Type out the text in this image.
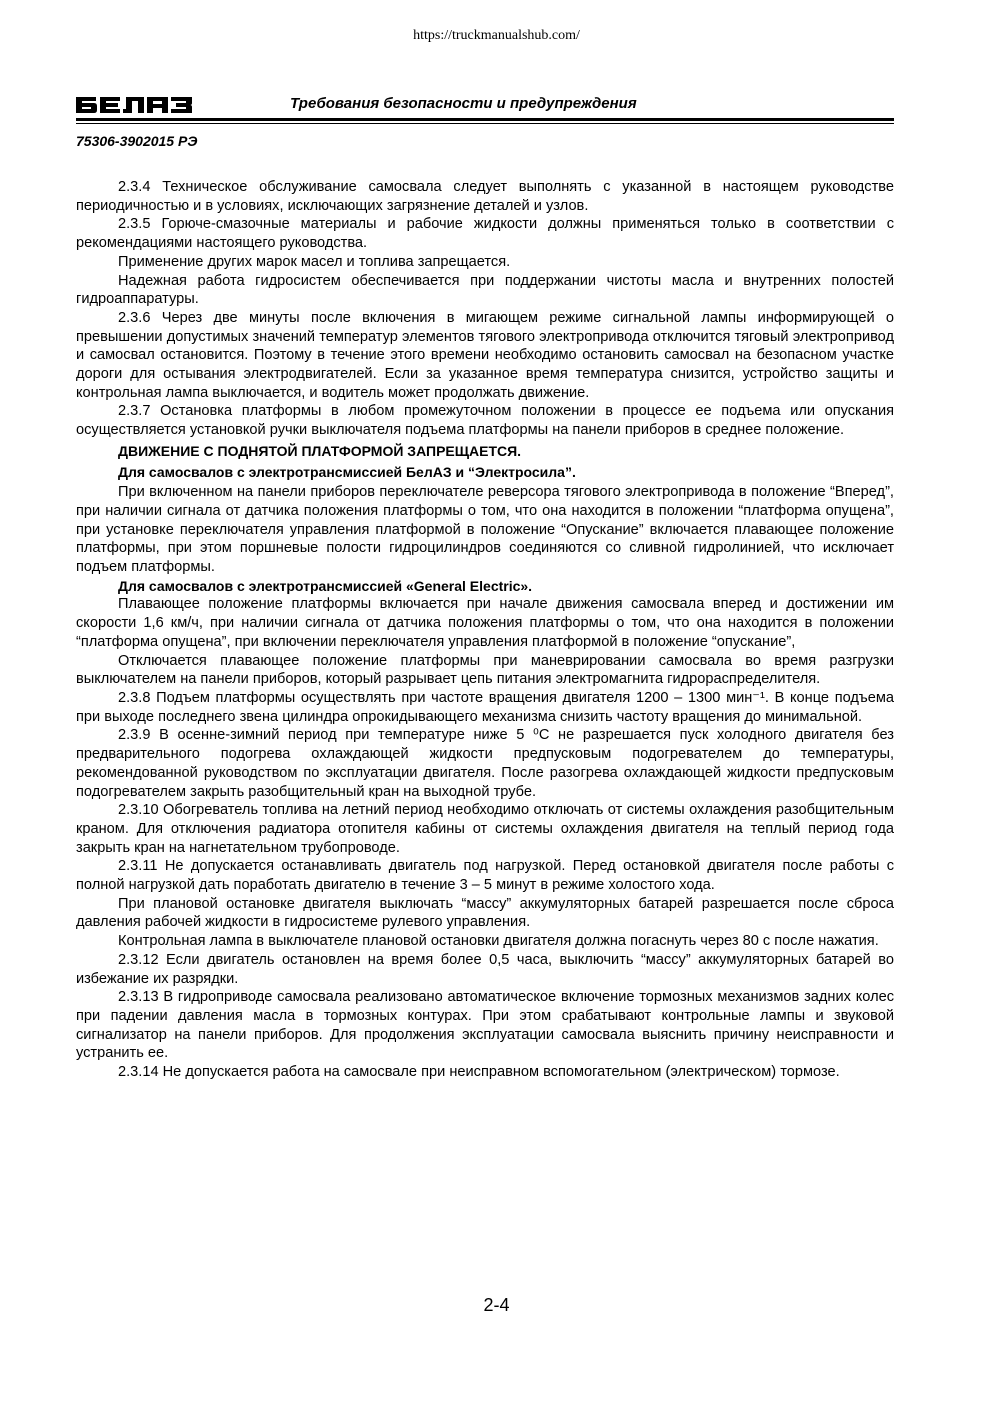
https://truckmanualshub.com/
Требования безопасности и предупреждения
75306-3902015 РЭ

2.3.4 Техническое обслуживание самосвала следует выполнять с указанной в настоящем руководстве периодичностью и в условиях, исключающих загрязнение деталей и узлов.

2.3.5 Горюче-смазочные материалы и рабочие жидкости должны применяться только в соответствии с рекомендациями настоящего руководства.

Применение других марок масел и топлива запрещается.

Надежная работа гидросистем обеспечивается при поддержании чистоты масла и внутренних полостей гидроаппаратуры.

2.3.6 Через две минуты после включения в мигающем режиме сигнальной лампы информирующей о превышении допустимых значений температур элементов тягового электропривода отключится тяговый электропривод и самосвал остановится. Поэтому в течение этого времени необходимо остановить самосвал на безопасном участке дороги для остывания электродвигателей. Если за указанное время температура снизится, устройство защиты и контрольная лампа выключается, и водитель может продолжать движение.

2.3.7 Остановка платформы в любом промежуточном положении в процессе ее подъема или опускания осуществляется установкой ручки выключателя подъема платформы на панели приборов в среднее положение.

ДВИЖЕНИЕ С ПОДНЯТОЙ ПЛАТФОРМОЙ ЗАПРЕЩАЕТСЯ.

Для самосвалов с электротрансмиссией БелАЗ и “Электросила”.

При включенном на панели приборов переключателе реверсора тягового электропривода в положение “Вперед”, при наличии сигнала от датчика положения платформы о том, что она находится в положении “платформа опущена”, при установке переключателя управления платформой в положение “Опускание” включается плавающее положение платформы, при этом поршневые полости гидроцилиндров соединяются со сливной гидролинией, что исключает подъем платформы.

Для самосвалов с электротрансмиссией «General Electric».

Плавающее положение платформы включается при начале движения самосвала вперед и достижении им скорости 1,6 км/ч, при наличии сигнала от датчика положения платформы о том, что она находится в положении “платформа опущена”, при включении переключателя управления платформой в положение “опускание”,

Отключается плавающее положение платформы при маневрировании самосвала во время разгрузки выключателем на панели приборов, который разрывает цепь питания электромагнита гидрораспределителя.

2.3.8 Подъем платформы осуществлять при частоте вращения двигателя 1200 – 1300 мин⁻¹. В конце подъема при выходе последнего звена цилиндра опрокидывающего механизма снизить частоту вращения до минимальной.

2.3.9 В осенне-зимний период при температуре ниже 5 ⁰С не разрешается пуск холодного двигателя без предварительного подогрева охлаждающей жидкости предпусковым подогревателем до температуры, рекомендованной руководством по эксплуатации двигателя. После разогрева охлаждающей жидкости предпусковым подогревателем закрыть разобщительный кран на выходной трубе.

2.3.10 Обогреватель топлива на летний период необходимо отключать от системы охлаждения разобщительным краном. Для отключения радиатора отопителя кабины от системы охлаждения двигателя на теплый период года закрыть кран на нагнетательном трубопроводе.

2.3.11 Не допускается останавливать двигатель под нагрузкой. Перед остановкой двигателя после работы с полной нагрузкой дать поработать двигателю в течение 3 – 5 минут в режиме холостого хода.

При плановой остановке двигателя выключать “массу” аккумуляторных батарей разрешается после сброса давления рабочей жидкости в гидросистеме рулевого управления.

Контрольная лампа в выключателе плановой остановки двигателя должна погаснуть через 80 с после нажатия.

2.3.12 Если двигатель остановлен на время более 0,5 часа, выключить “массу” аккумуляторных батарей во избежание их разрядки.

2.3.13 В гидроприводе самосвала реализовано автоматическое включение тормозных механизмов задних колес при падении давления масла в тормозных контурах. При этом срабатывают контрольные лампы и звуковой сигнализатор на панели приборов. Для продолжения эксплуатации самосвала выяснить причину неисправности и устранить ее.

2.3.14 Не допускается работа на самосвале при неисправном вспомогательном (электрическом) тормозе.

2-4
